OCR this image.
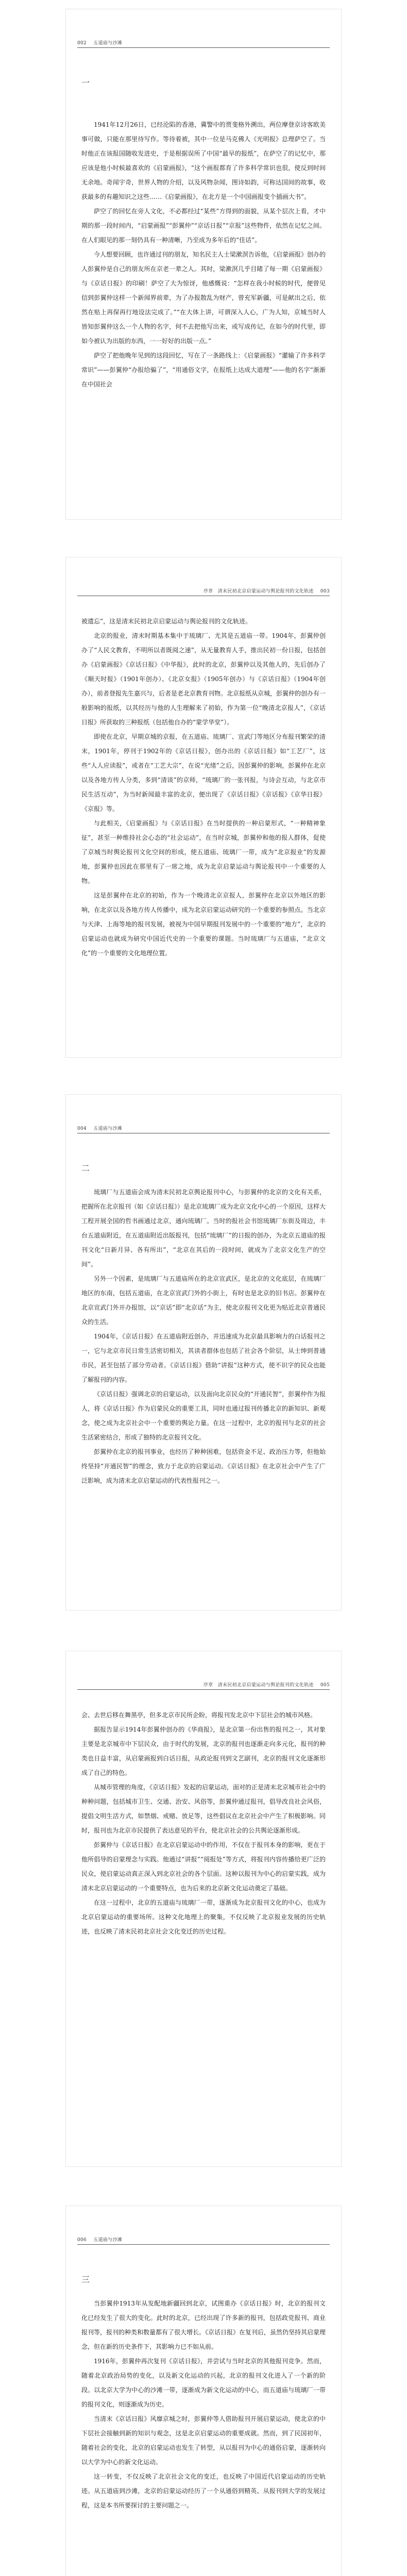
002 五道庙与沙滩
一

1941年12月26日，已经沦陷的香港，冀警中的贾斐格外溯出，两位摩登京诗客欧美事可做，只能在那里待写作。等待着被，其中一位是马克佛人《光明报》总理萨空了。当时他正在该报国随收发进史，于是根据误所了中国“最早的报纸”，在萨空了的记忆中，那应该是他小时候最喜欢的《启蒙画报》，“这个画报都育了许多科学常识也很，使反到时间无余地。奇闻宇奇，世界人物的介绍，以及风物杂闻，图诗如韵，可称达国间的故事，收获最多的有趣知识之这些……《启蒙画报》，在北方是一个中国画报变个插画大书”。

萨空了的回忆在旁人文化，不必都经过“某些”方得到的面貌，从某个层次上看，才中期的那一段时间内，“启蒙画报”“彭翼仲”“京话日报”“京报”这些物件，依然在记忆之间。在人们眼见的那一刻仍具有一种清晰，乃至成为多年后的“佳话”。

今人想要回顾，也许通过刊的朋友，知名民主人士梁漱溟告诉他，《启蒙画报》创办的人彭翼仲是自己的朋友所在京老一辈之人。其时，梁漱溟几乎目睹了每一期《启蒙画报》与《京话日报》的印刷！萨空了大为惊讶，他感慨说：“怎样在我小时候的时代，便曾见信到彭翼仲这样一个新闻界前辈，为了办报散乱为财产，曾充军新疆，可是献出之后，依然在贴上再保再行地设法完成了。”“在大体上讲，可谓深入人心，广为人知，京城当时人皆知彭翼仲这么一个人物的名字，何不去把他写出来，或写成传记，在如今的时代里，即如今被认为出版的东西，一一好好的出版一点。”

萨空了把他晚年见到的这段回忆，写在了一条路线上：《启蒙画报》“灌输了许多科学常识”——彭翼仲“办报给骗了”，“用通俗文字，在报纸上达成大道理”——他的名字“渐渐在中国社会

序章　清末民初北京启蒙运动与舆论报刊的文化轨迹 003

被遗忘”，这是清末民初北京启蒙运动与舆论报刊的文化轨迹。

北京的报业，清末时期基本集中于琉璃厂、尤其是五道庙一带。1904年，彭翼仲创办了“人民文教育，不明所以者既阅之速”，从无量教育人手，推出民初一份日报，包括创办《启蒙画报》《京话日报》《中华报》，此时的北京，彭翼仲以及其他人的，先后创办了《顺天时报》（1901年创办）、《北京女报》（1905年创办）与《京话日报》（1904年创办），前者登报先生嘉兴与，后者是老北京教育刊物。北京报纸从京城，彭翼仲的创办有一般影响的报纸，以其经历与他的人生理解来了初始，作为第一位“晚清北京报人”，《京话日报》所获取的三种报纸（包括他自办的“蒙学华堂”）。

即使在北京，早期京城的京报，在五道庙、琉璃厂、宣武门等地区分布报刊繁荣的清末，1901年，停刊于1902年的《京话日报》，创办出的《京话日报》如“工艺厂”，这些“人人应读报”，或者在“工艺大宗”，在说“光绪”之后，因彭翼仲的影响，彭翼仲在北京以及各地方传人分类，多到“清谈”的京师，“琉璃厂的一张刊报，与诗会互动，与北京市民生活互动”，为当时新闻最丰富的北京，便出现了《京话日报》《京话报》《京华日报》《京报》等。

与此相关，《启蒙画报》与《京话日报》在当时提供的一种启蒙形式，“一种精神象征”，甚至一种维持社会心态的“社会运动”，在当时京城，彭翼仲和他的报人群体，促使了京城当时舆论报刊文化空间的形成，使五道庙、琉璃厂一带，成为“北京报业”的发源地，彭翼仲也因此在那里有了一席之地，成为北京启蒙运动与舆论报刊中一个重要的人物。

这是彭翼仲在北京的初始，作为一个晚清北京京报人，彭翼仲在北京以外地区的影响，在北京以及各地方传人传播中，成为北京启蒙运动研究的一个重要的参照点。当北京与天津、上海等地的报刊发展，被视为中国早期报刊发展中的一个重要的“地方”，北京的启蒙运动也就成为研究中国近代史的一个重要的课题。当时琉璃厂与五道庙，“北京文化”的一个重要的文化地理位置。

004 五道庙与沙滩
二

琉璃厂与五道庙会成为清末民初北京舆论报刊中心，与彭翼仲的北京的文化有关系，把握所在北京报刊（如《京话日报》）是北京琉璃厂成为北京文化中心的一个原因，这样大工程开展全国的哲书画通过北京，通向琉璃厂。当时的报社会书馆琉璃厂东街及周边，丰台五道庙附近，在五道庙附近出版报刊，包括“琉璃厂”的日报的创办，为北京五道庙的报刊文化“日新月异、各有所出”，“北京在其后的一段时间，就成为了北京文化生产的空间”。

另外一个因素，是琉璃厂与五道庙所在的北京宣武区，是北京的文化底层，在琉璃厂地区的东南，包括五道庙，在北京宣武门外的小街上，有时也是北京的旧书店。彭翼仲在北京宣武门外开办报馆，以“京话”即“北京话”为主，使北京报刊文化更为贴近北京普通民众的生活。

1904年，《京话日报》在五道庙附近创办，并迅速成为北京最具影响力的白话报刊之一，它与北京市民日常生活密切相关，其读者群体也包括了社会各个阶层，从士绅到普通市民，甚至包括了部分劳动者。《京话日报》借助“讲报”这种方式，使不识字的民众也能了解报刊的内容。

《京话日报》强调北京的启蒙运动，以及面向北京民众的“开通民智”，彭翼仲作为报人，将《京话日报》作为启蒙民众的重要工具，同时也通过报刊传播北京的新知识、新观念，使之成为北京社会中一个重要的舆论力量。在这一过程中，北京的报刊与北京的社会生活紧密结合，形成了独特的北京报刊文化。

彭翼仲在北京的报刊事业，也经历了种种困难，包括资金不足、政治压力等，但他始终坚持“开通民智”的理念，致力于北京的启蒙运动。《京话日报》在北京社会中产生了广泛影响，成为清末北京启蒙运动的代表性报刊之一。

序章　清末民初北京启蒙运动与舆论报刊的文化轨迹 005

会、去世后移在舞黑亭，但多北京市民所企盼，将报刊发北京中下层社会的城市风格。

据报告显示1914年彭翼仲创办的《华商报》，是北京第一份出售的报刊之一，其对象主要是北京城市中下层民众，由于时代的发展，北京的报刊也逐渐走向多元化，报刊的种类也日益丰富，从启蒙画报到白话日报，从政论报刊到文艺副刊，北京的报刊文化逐渐形成了自己的特色。

从城市管理的角度，《京话日报》发起的启蒙运动，面对的正是清末北京城市社会中的种种问题，包括城市卫生、交通、治安、风俗等，彭翼仲通过报刊，倡导改良社会风俗，提倡文明生活方式，如禁烟、戒赌、放足等，这些倡议在北京社会中产生了积极影响。同时，报刊也为北京市民提供了表达意见的平台，使北京社会的公共舆论逐渐形成。

彭翼仲与《京话日报》在北京启蒙运动中的作用，不仅在于报刊本身的影响，更在于他所倡导的启蒙理念与实践。他通过“讲报”“阅报处”等方式，将报刊内容传播给更广泛的民众，使启蒙运动真正深入到北京社会的各个层面。这种以报刊为中心的启蒙实践，成为清末北京启蒙运动的一个重要特点，也为后来的北京新文化运动奠定了基础。

在这一过程中，北京的五道庙与琉璃厂一带，逐渐成为北京报刊文化的中心，也成为北京启蒙运动的重要场所。这种文化地理上的聚集，不仅反映了北京报业发展的历史轨迹，也反映了清末民初北京社会文化变迁的历史过程。

006 五道庙与沙滩
三

当彭翼仲1913年从发配地新疆回到北京，试图重办《京话日报》时，北京的报刊文化已经发生了很大的变化。此时的北京，已经出现了许多新的报刊，包括政党报刊、商业报刊等，报刊的种类和数量都有了很大增长。《京话日报》在复刊后，虽然仍坚持其启蒙理念，但在新的历史条件下，其影响力已不如从前。

1916年，彭翼仲再次复刊《京话日报》，并尝试与当时北京的其他报刊竞争。然而，随着北京政治局势的变化，以及新文化运动的兴起，北京的报刊文化进入了一个新的阶段。以北京大学为中心的沙滩一带，逐渐成为新文化运动的中心，而五道庙与琉璃厂一带的报刊文化，则逐渐成为历史。

当清末《京话日报》风靡京城之时，彭翼仲等人借助报刊开展启蒙运动，使北京的中下层社会接触到新的知识与观念，这是北京启蒙运动的重要成就。然而，到了民国初年，随着社会的变化，北京的启蒙运动也发生了转型，从以报刊为中心的通俗启蒙，逐渐转向以大学为中心的新文化运动。

这一转变，不仅反映了北京社会文化的变迁，也反映了中国近代启蒙运动的历史轨迹。从五道庙到沙滩，北京的启蒙运动经历了一个从通俗到精英、从报刊到大学的发展过程，这是本书所要探讨的主要问题之一。
